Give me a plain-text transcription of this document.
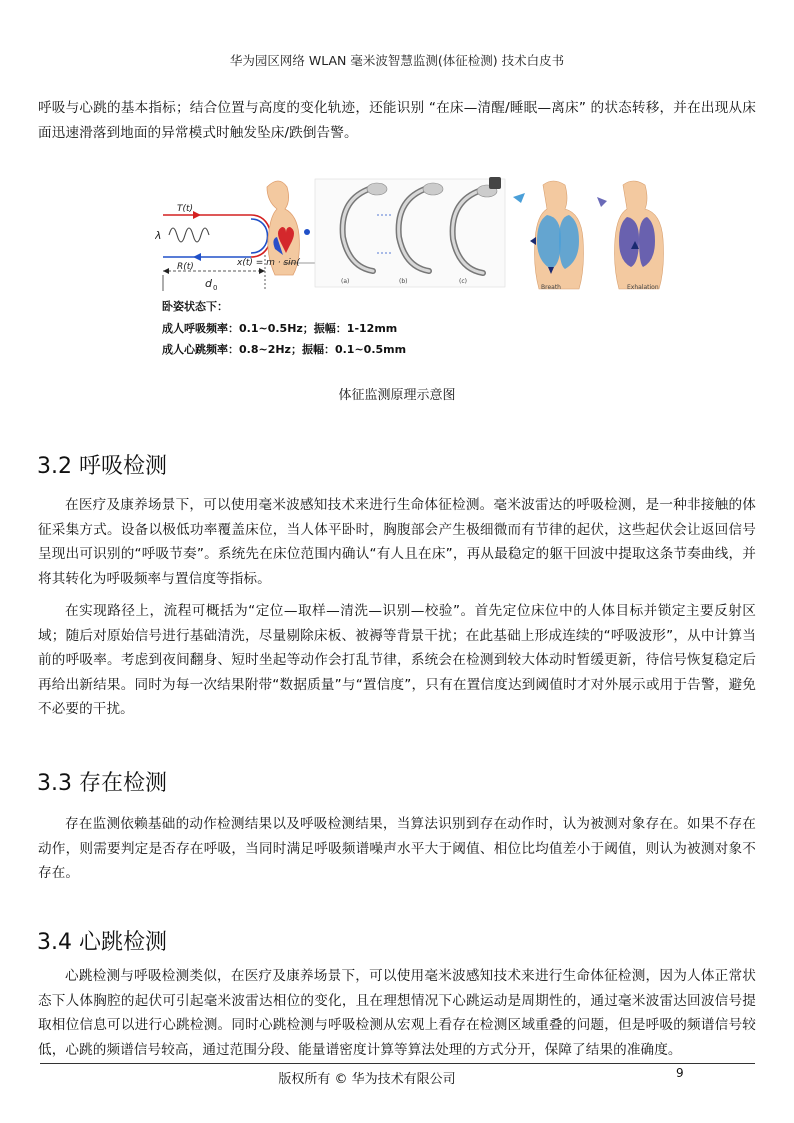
华为园区网络 WLAN 毫米波智慧监测(体征检测) 技术白皮书

呼吸与心跳的基本指标；结合位置与高度的变化轨迹，还能识别 “在床—清醒/睡眠—离床” 的状态转移，并在出现从床面迅速滑落到地面的异常模式时触发坠床/跌倒告警。

T(t)
R(t)
λ
x(t) = m · sin(
d 0
(a)	(b)	(c)
Breath	Exhalation
卧姿状态下：
成人呼吸频率：0.1~0.5Hz；振幅：1-12mm
成人心跳频率：0.8~2Hz；振幅：0.1~0.5mm
体征监测原理示意图
3.2 呼吸检测

在医疗及康养场景下，可以使用毫米波感知技术来进行生命体征检测。毫米波雷达的呼吸检测，是一种非接触的体征采集方式。设备以极低功率覆盖床位，当人体平卧时，胸腹部会产生极细微而有节律的起伏，这些起伏会让返回信号呈现出可识别的“呼吸节奏”。系统先在床位范围内确认“有人且在床”，再从最稳定的躯干回波中提取这条节奏曲线，并将其转化为呼吸频率与置信度等指标。

在实现路径上，流程可概括为“定位—取样—清洗—识别—校验”。首先定位床位中的人体目标并锁定主要反射区域；随后对原始信号进行基础清洗，尽量剔除床板、被褥等背景干扰；在此基础上形成连续的“呼吸波形”，从中计算当前的呼吸率。考虑到夜间翻身、短时坐起等动作会打乱节律，系统会在检测到较大体动时暂缓更新，待信号恢复稳定后再给出新结果。同时为每一次结果附带“数据质量”与“置信度”，只有在置信度达到阈值时才对外展示或用于告警，避免不必要的干扰。

3.3 存在检测

存在监测依赖基础的动作检测结果以及呼吸检测结果，当算法识别到存在动作时，认为被测对象存在。如果不存在动作，则需要判定是否存在呼吸，当同时满足呼吸频谱噪声水平大于阈值、相位比均值差小于阈值，则认为被测对象不存在。

3.4 心跳检测

心跳检测与呼吸检测类似，在医疗及康养场景下，可以使用毫米波感知技术来进行生命体征检测，因为人体正常状态下人体胸腔的起伏可引起毫米波雷达相位的变化，且在理想情况下心跳运动是周期性的，通过毫米波雷达回波信号提取相位信息可以进行心跳检测。同时心跳检测与呼吸检测从宏观上看存在检测区域重叠的问题，但是呼吸的频谱信号较低，心跳的频谱信号较高，通过范围分段、能量谱密度计算等算法处理的方式分开，保障了结果的准确度。

版权所有 © 华为技术有限公司	9
